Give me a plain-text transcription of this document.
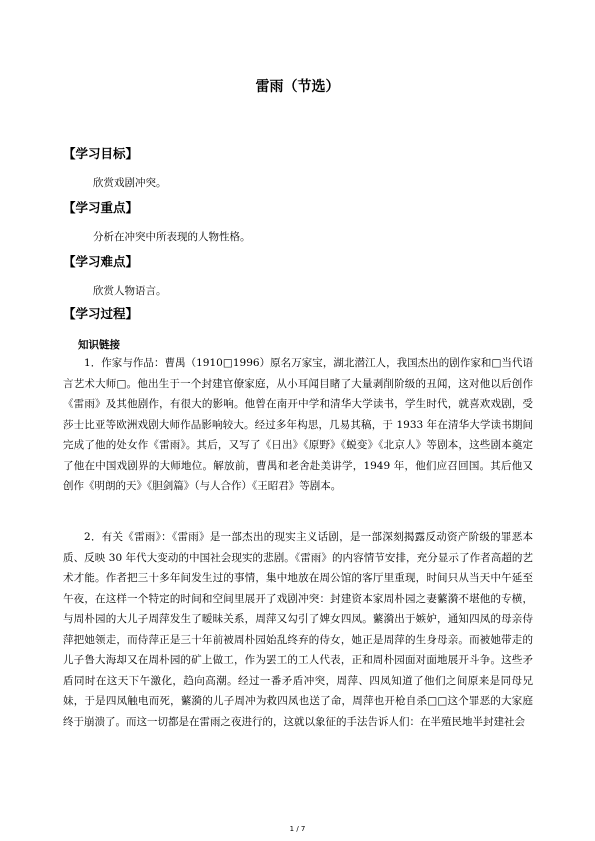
雷雨（节选）
【学习目标】

欣赏戏剧冲突。

【学习重点】

分析在冲突中所表现的人物性格。

【学习难点】

欣赏人物语言。

【学习过程】
知识链接

1．作家与作品：曹禺（1910□1996）原名万家宝，湖北潜江人，我国杰出的剧作家和□当代语言艺术大师□。他出生于一个封建官僚家庭，从小耳闻目睹了大量剥削阶级的丑闻，这对他以后创作《雷雨》及其他剧作，有很大的影响。他曾在南开中学和清华大学读书，学生时代，就喜欢戏剧，受莎士比亚等欧洲戏剧大师作品影响较大。经过多年构思，几易其稿，于 1933 年在清华大学读书期间完成了他的处女作《雷雨》。其后，又写了《日出》《原野》《蜕变》《北京人》等剧本，这些剧本奠定了他在中国戏剧界的大师地位。解放前，曹禺和老舍赴美讲学，1949 年，他们应召回国。其后他又创作《明朗的天》《胆剑篇》（与人合作）《王昭君》等剧本。

2．有关《雷雨》：《雷雨》是一部杰出的现实主义话剧，是一部深刻揭露反动资产阶级的罪恶本质、反映 30 年代大变动的中国社会现实的悲剧。《雷雨》的内容情节安排，充分显示了作者高超的艺术才能。作者把三十多年间发生过的事情，集中地放在周公馆的客厅里重现，时间只从当天中午延至午夜，在这样一个特定的时间和空间里展开了戏剧冲突：封建资本家周朴园之妻蘩漪不堪他的专横，与周朴园的大儿子周萍发生了暧昧关系，周萍又勾引了婢女四凤。蘩漪出于嫉妒，通知四凤的母亲侍萍把她领走，而侍萍正是三十年前被周朴园始乱终弃的侍女，她正是周萍的生身母亲。而被她带走的儿子鲁大海却又在周朴园的矿上做工，作为罢工的工人代表，正和周朴园面对面地展开斗争。这些矛盾同时在这天下午激化，趋向高潮。经过一番矛盾冲突，周萍、四凤知道了他们之间原来是同母兄妹，于是四凤触电而死，蘩漪的儿子周冲为救四凤也送了命，周萍也开枪自杀□□这个罪恶的大家庭终于崩溃了。而这一切都是在雷雨之夜进行的，这就以象征的手法告诉人们：在半殖民地半封建社会

1 / 7
